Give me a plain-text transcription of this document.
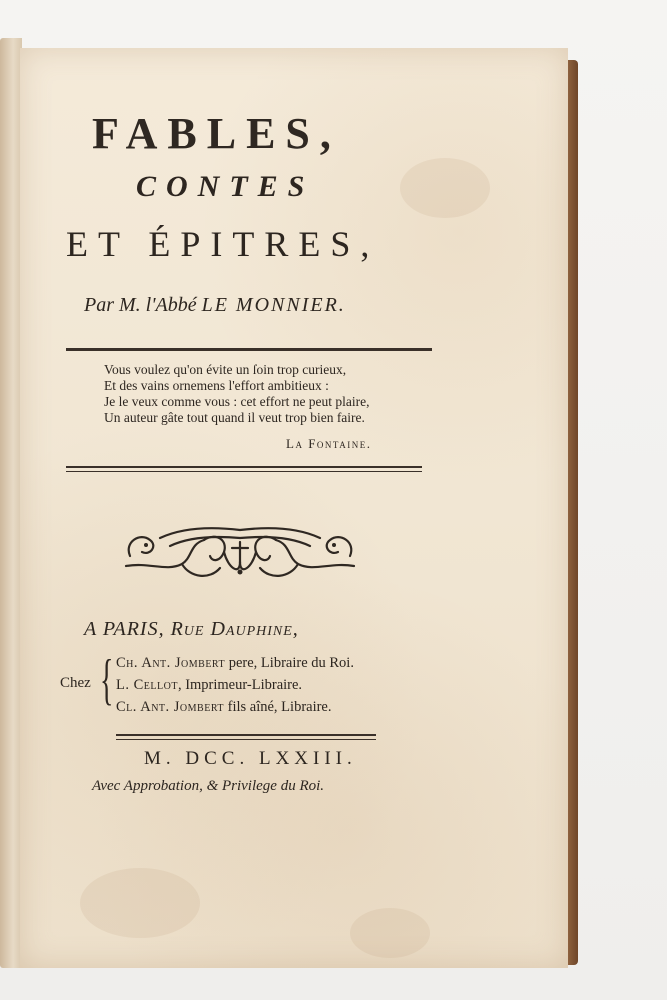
FABLES,
CONTES
ET ÉPITRES,
Par M. l'Abbé LE MONNIER.
Vous voulez qu'on évite un ſoin trop curieux,
Et des vains ornemens l'effort ambitieux :
Je le veux comme vous : cet effort ne peut plaire,
Un auteur gâte tout quand il veut trop bien faire.
La Fontaine.
A PARIS, Rue Dauphine,
Chez { Ch. Ant. Jombert pere, Libraire du Roi.
L. Cellot, Imprimeur-Libraire.
Cl. Ant. Jombert fils aîné, Libraire.
M. DCC. LXXIII.
Avec Approbation, & Privilege du Roi.
